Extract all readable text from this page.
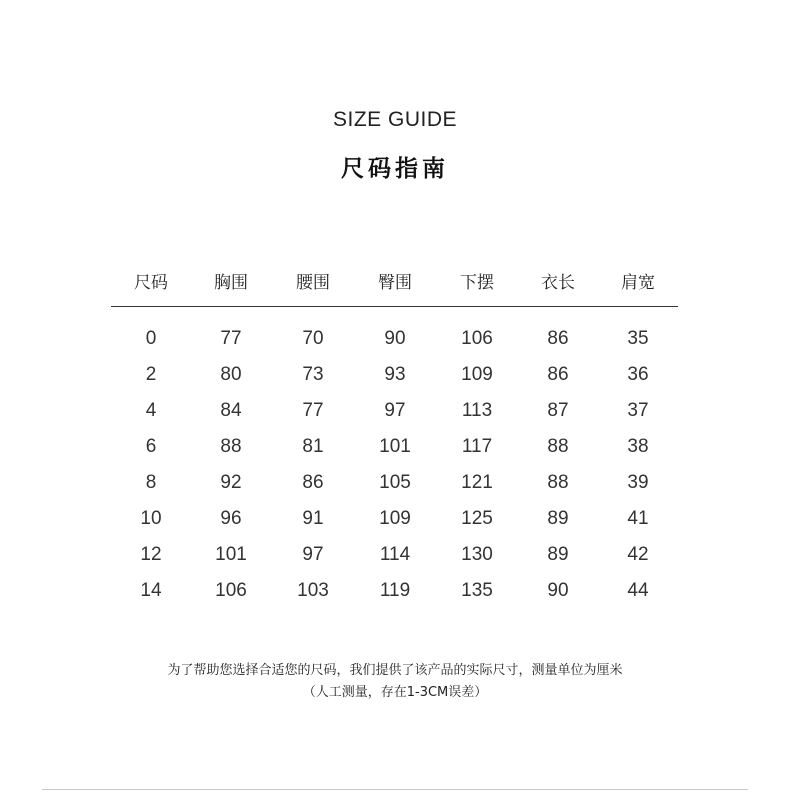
SIZE GUIDE
尺码指南
尺码	胸围	腰围	臀围	下摆	衣长	肩宽
0	77	70	90	106	86	35
2	80	73	93	109	86	36
4	84	77	97	113	87	37
6	88	81	101	117	88	38
8	92	86	105	121	88	39
10	96	91	109	125	89	41
12	101	97	114	130	89	42
14	106	103	119	135	90	44
为了帮助您选择合适您的尺码，我们提供了该产品的实际尺寸，测量单位为厘米
（人工测量，存在1-3CM误差）
